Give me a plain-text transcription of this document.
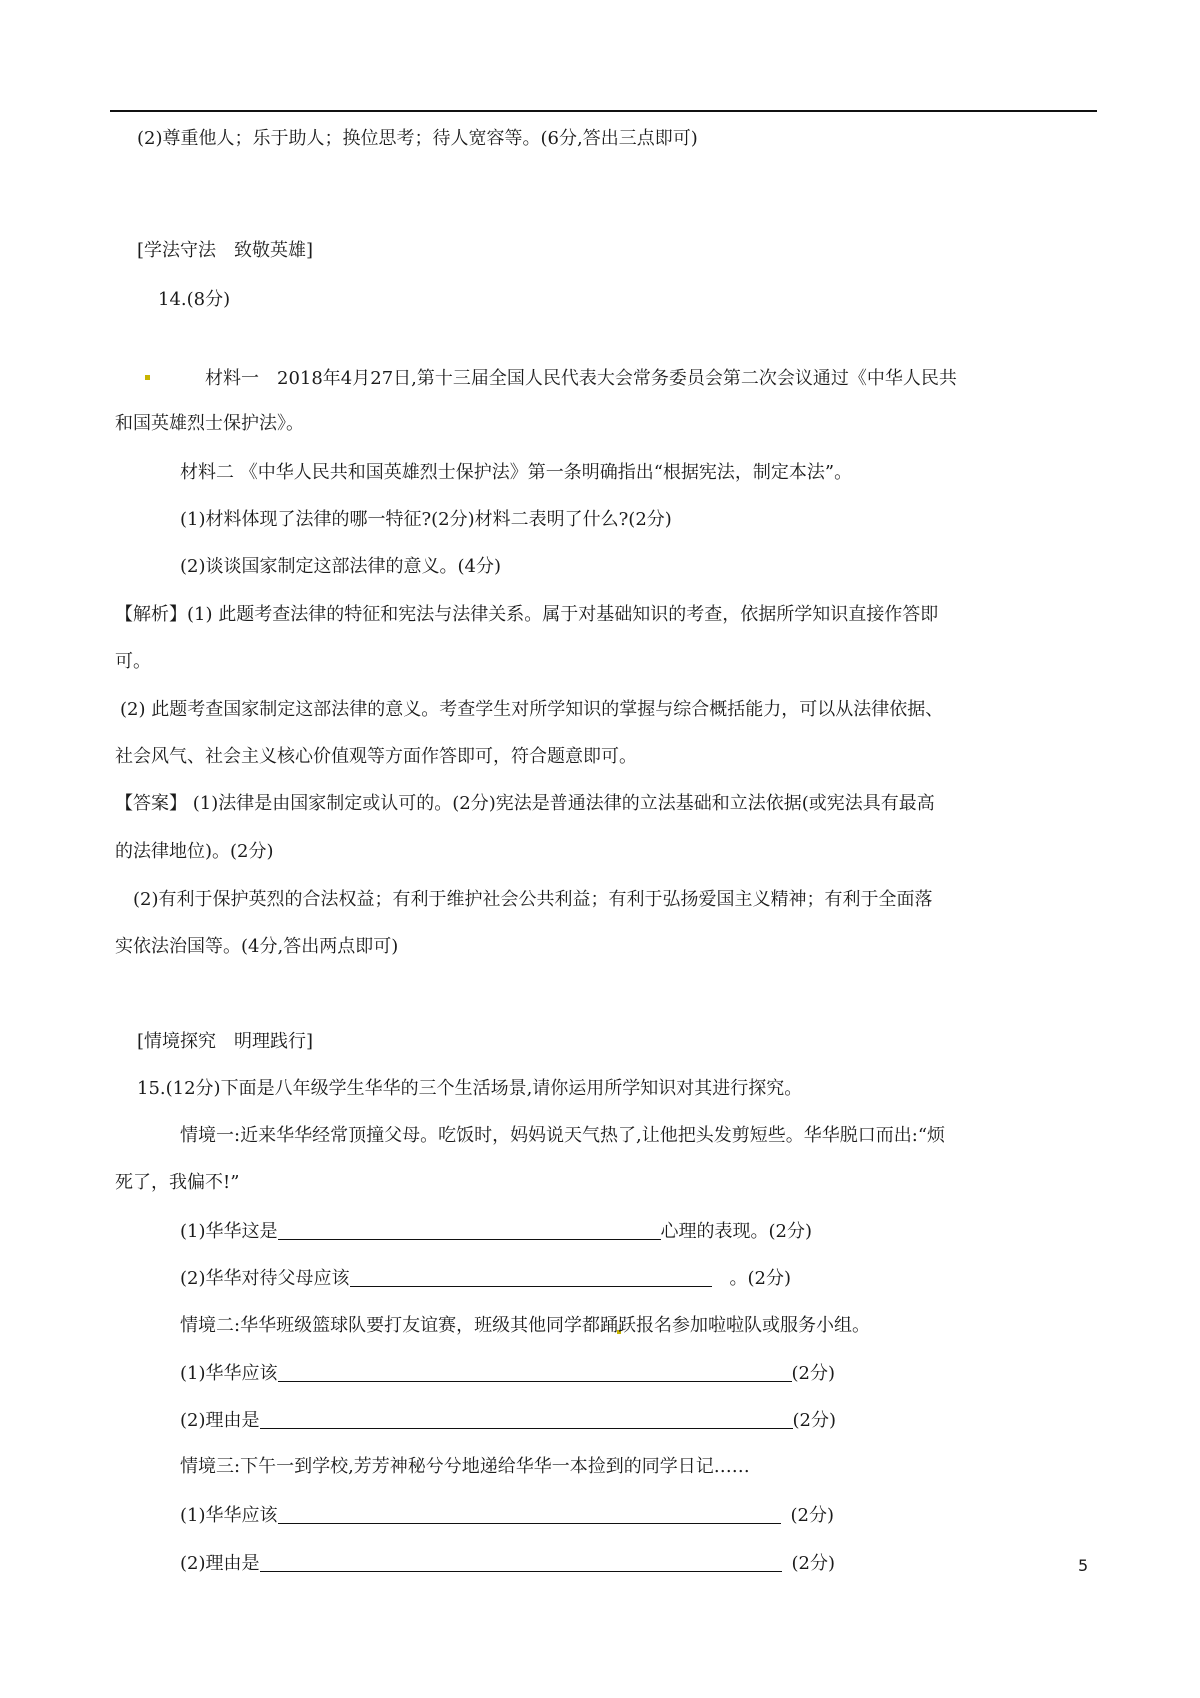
(2)尊重他人；乐于助人；换位思考；待人宽容等。(6分,答出三点即可)

[学法守法　致敬英雄]

14.(8分)

材料一　2018年4月27日,第十三届全国人民代表大会常务委员会第二次会议通过《中华人民共

和国英雄烈士保护法》。

材料二 《中华人民共和国英雄烈士保护法》第一条明确指出“根据宪法，制定本法”。

(1)材料体现了法律的哪一特征?(2分)材料二表明了什么?(2分)

(2)谈谈国家制定这部法律的意义。(4分)

【解析】(1) 此题考查法律的特征和宪法与法律关系。属于对基础知识的考查，依据所学知识直接作答即

可。

(2) 此题考查国家制定这部法律的意义。考查学生对所学知识的掌握与综合概括能力，可以从法律依据、

社会风气、社会主义核心价值观等方面作答即可，符合题意即可。

【答案】 (1)法律是由国家制定或认可的。(2分)宪法是普通法律的立法基础和立法依据(或宪法具有最高

的法律地位)。(2分)

(2)有利于保护英烈的合法权益；有利于维护社会公共利益；有利于弘扬爱国主义精神；有利于全面落

实依法治国等。(4分,答出两点即可)

[情境探究　明理践行]

15.(12分)下面是八年级学生华华的三个生活场景,请你运用所学知识对其进行探究。

情境一:近来华华经常顶撞父母。吃饭时，妈妈说天气热了,让他把头发剪短些。华华脱口而出:“烦

死了，我偏不!”

(1)华华这是	心理的表现。(2分)

(2)华华对待父母应该	。(2分)

情境二:华华班级篮球队要打友谊赛，班级其他同学都踊跃报名参加啦啦队或服务小组。

(1)华华应该	(2分)

(2)理由是	(2分)

情境三:下午一到学校,芳芳神秘兮兮地递给华华一本捡到的同学日记……

(1)华华应该	(2分)

(2)理由是	(2分)	5
